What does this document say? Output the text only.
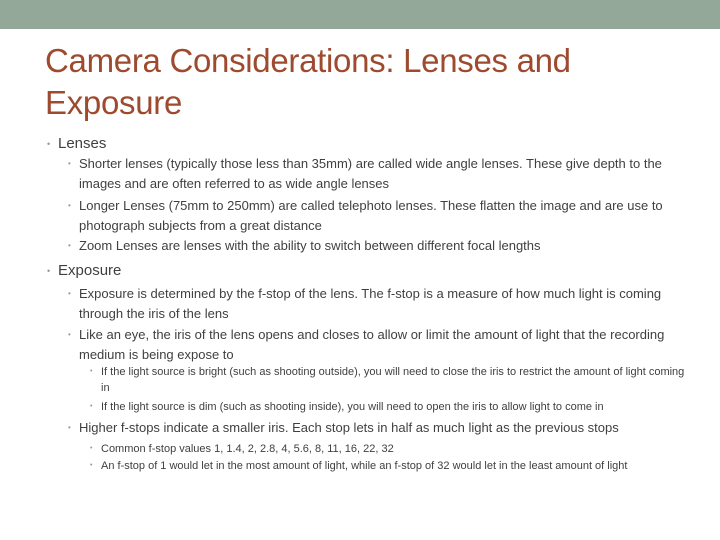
Camera Considerations: Lenses and Exposure

• Lenses

• Shorter lenses (typically those less than 35mm) are called wide angle lenses. These give depth to the images and are often referred to as wide angle lenses

• Longer Lenses (75mm to 250mm) are called telephoto lenses. These flatten the image and are use to photograph subjects from a great distance

• Zoom Lenses are lenses with the ability to switch between different focal lengths

• Exposure

• Exposure is determined by the f-stop of the lens. The f-stop is a measure of how much light is coming through the iris of the lens

• Like an eye, the iris of the lens opens and closes to allow or limit the amount of light that the recording medium is being expose to

• If the light source is bright (such as shooting outside), you will need to close the iris to restrict the amount of light coming in

• If the light source is dim (such as shooting inside), you will need to open the iris to allow light to come in

• Higher f-stops indicate a smaller iris. Each stop lets in half as much light as the previous stops

• Common f-stop values 1, 1.4, 2, 2.8, 4, 5.6, 8, 11, 16, 22, 32

• An f-stop of 1 would let in the most amount of light, while an f-stop of 32 would let in the least amount of light
